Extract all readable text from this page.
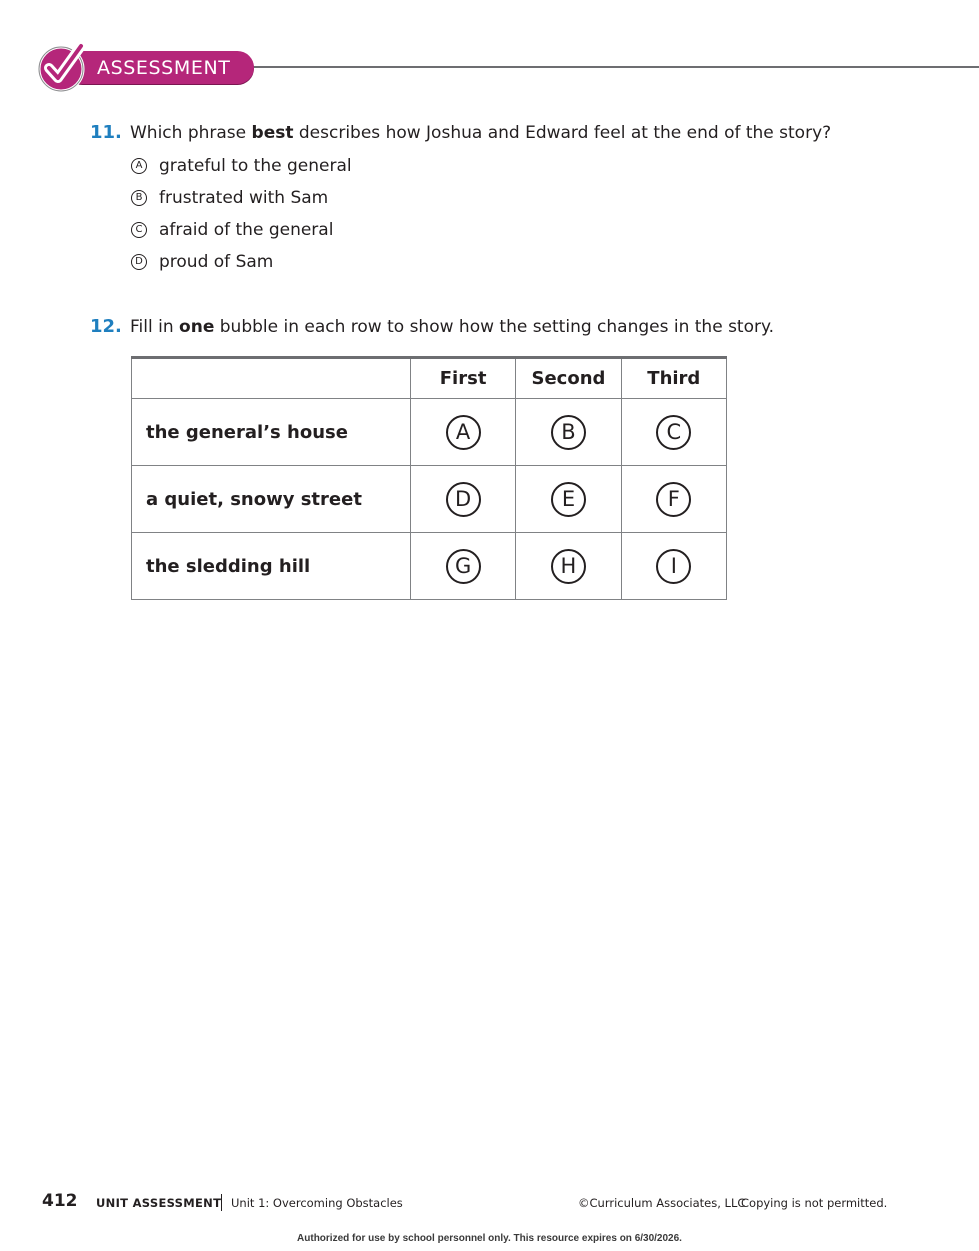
ASSESSMENT
11. Which phrase best describes how Joshua and Edward feel at the end of the story?
A grateful to the general
B frustrated with Sam
C afraid of the general
D proud of Sam
12. Fill in one bubble in each row to show how the setting changes in the story.
	First	Second	Third
the general’s house	A	B	C
a quiet, snowy street	D	E	F
the sledding hill	G	H	I
412 UNIT ASSESSMENT Unit 1: Overcoming Obstacles	©Curriculum Associates, LLC
Copying is not permitted.
Authorized for use by school personnel only. This resource expires on 6/30/2026.
